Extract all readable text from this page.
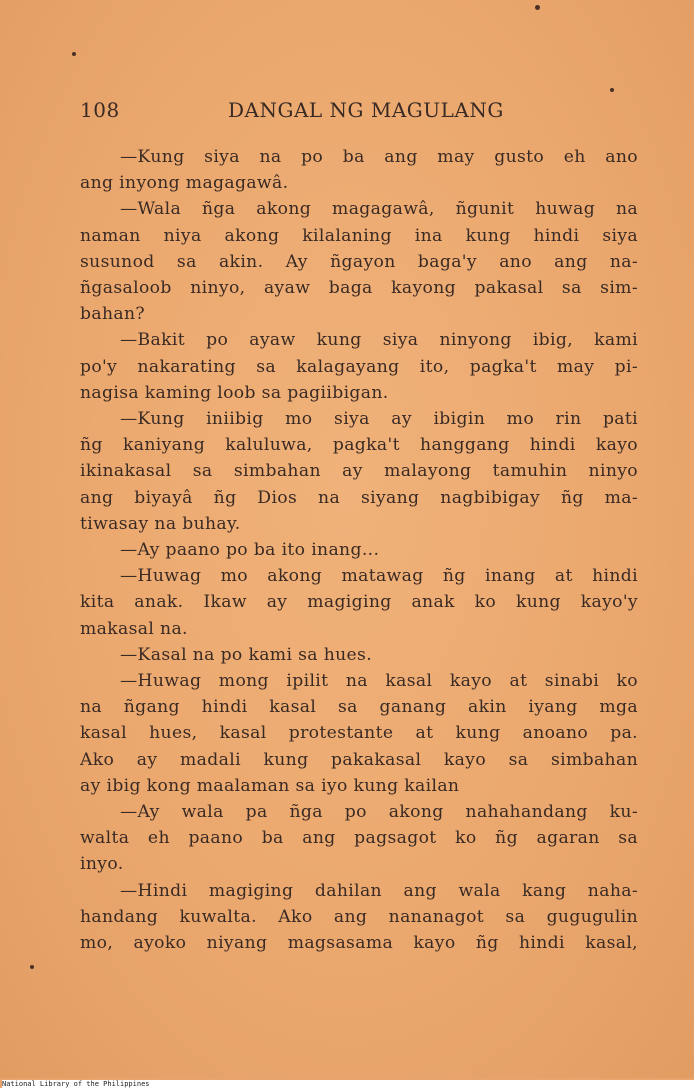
108	DANGAL NG MAGULANG
—Kung siya na po ba ang may gusto eh ano
ang inyong magagawâ.
—Wala ñga akong magagawâ, ñgunit huwag na
naman niya akong kilalaning ina kung hindi siya
susunod sa akin. Ay ñgayon baga'y ano ang na-
ñgasaloob ninyo, ayaw baga kayong pakasal sa sim-
bahan?
—Bakit po ayaw kung siya ninyong ibig, kami
po'y nakarating sa kalagayang ito, pagka't may pi-
nagisa kaming loob sa pagiibigan.
—Kung iniibig mo siya ay ibigin mo rin pati
ñg kaniyang kaluluwa, pagka't hanggang hindi kayo
ikinakasal sa simbahan ay malayong tamuhin ninyo
ang biyayâ ñg Dios na siyang nagbibigay ñg ma-
tiwasay na buhay.
—Ay paano po ba ito inang...
—Huwag mo akong matawag ñg inang at hindi
kita anak. Ikaw ay magiging anak ko kung kayo'y
makasal na.
—Kasal na po kami sa hues.
—Huwag mong ipilit na kasal kayo at sinabi ko
na ñgang hindi kasal sa ganang akin iyang mga
kasal hues, kasal protestante at kung anoano pa.
Ako ay madali kung pakakasal kayo sa simbahan
ay ibig kong maalaman sa iyo kung kailan
—Ay wala pa ñga po akong nahahandang ku-
walta eh paano ba ang pagsagot ko ñg agaran sa
inyo.
—Hindi magiging dahilan ang wala kang naha-
handang kuwalta. Ako ang nananagot sa gugugulin
mo, ayoko niyang magsasama kayo ñg hindi kasal,
National Library of the Philippines
